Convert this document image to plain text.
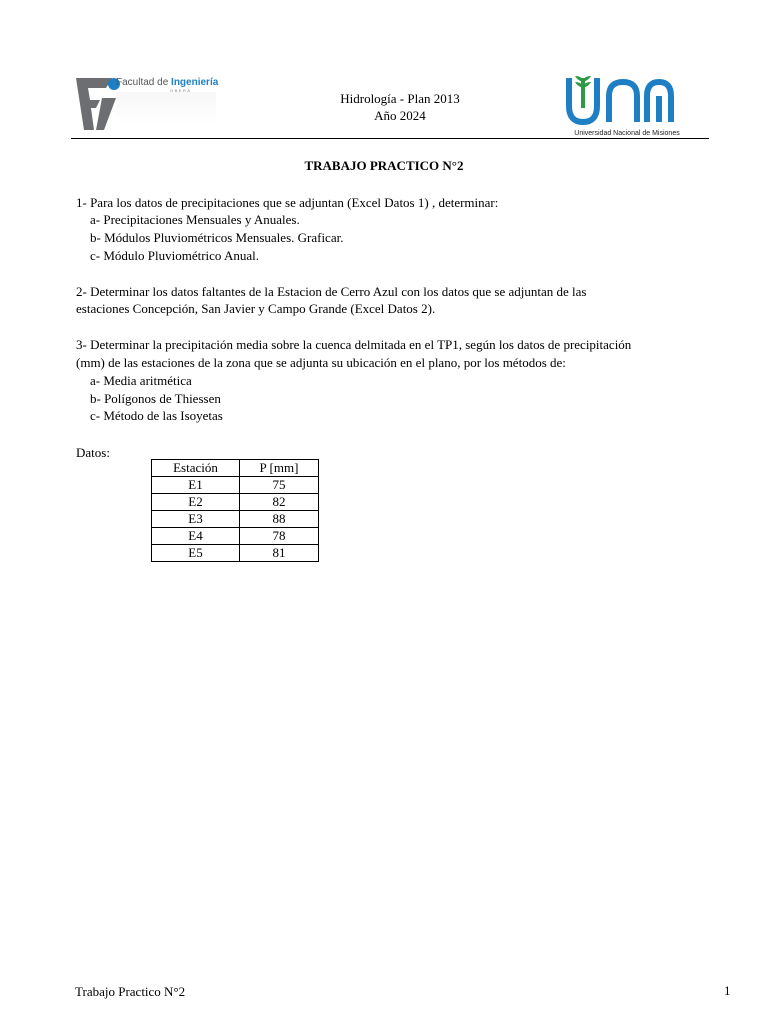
Facultad de Ingeniería
OBERÁ
Hidrología - Plan 2013
Año 2024
Universidad Nacional de Misiones
TRABAJO PRACTICO N°2
1- Para los datos de precipitaciones que se adjuntan (Excel Datos 1) , determinar:
a- Precipitaciones Mensuales y Anuales.
b- Módulos Pluviométricos Mensuales. Graficar.
c- Módulo Pluviométrico Anual.
2- Determinar los datos faltantes de la Estacion de Cerro Azul con los datos que se adjuntan de las
estaciones Concepción, San Javier y Campo Grande (Excel Datos 2).
3- Determinar la precipitación media sobre la cuenca delmitada en el TP1, según los datos de precipitación
(mm) de las estaciones de la zona que se adjunta su ubicación en el plano, por los métodos de:
a- Media aritmética
b- Polígonos de Thiessen
c- Método de las Isoyetas
Datos:
Estación	P [mm]
E1	75
E2	82
E3	88
E4	78
E5	81
Trabajo Practico N°2	1
